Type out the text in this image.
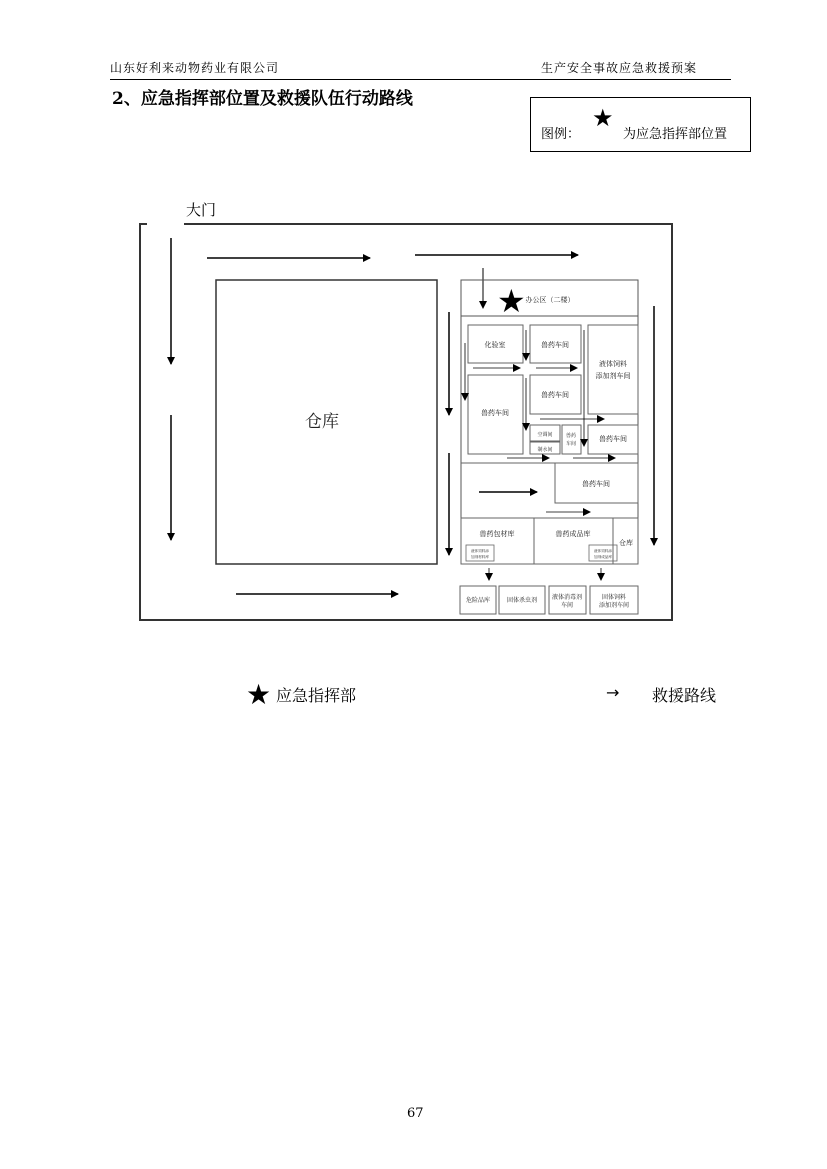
山东好利来动物药业有限公司	生产安全事故应急救援预案
2、应急指挥部位置及救援队伍行动路线
图例：
★
为应急指挥部位置
大门
仓库
办公区（二楼）
化验室	兽药车间
液体饲料
添加剂车间
兽药车间
兽药车间
空调间
制水间
兽药
车间
兽药车间
兽药车间
兽药包材库
液体饲料添
加剂材料库
兽药成品库
液体饲料添
加剂成品库
仓库
★
危险品库	固体杀虫剂 液体消毒剂
车间
固体饲料
添加剂车间
★ 应急指挥部	→ 救援路线
67
